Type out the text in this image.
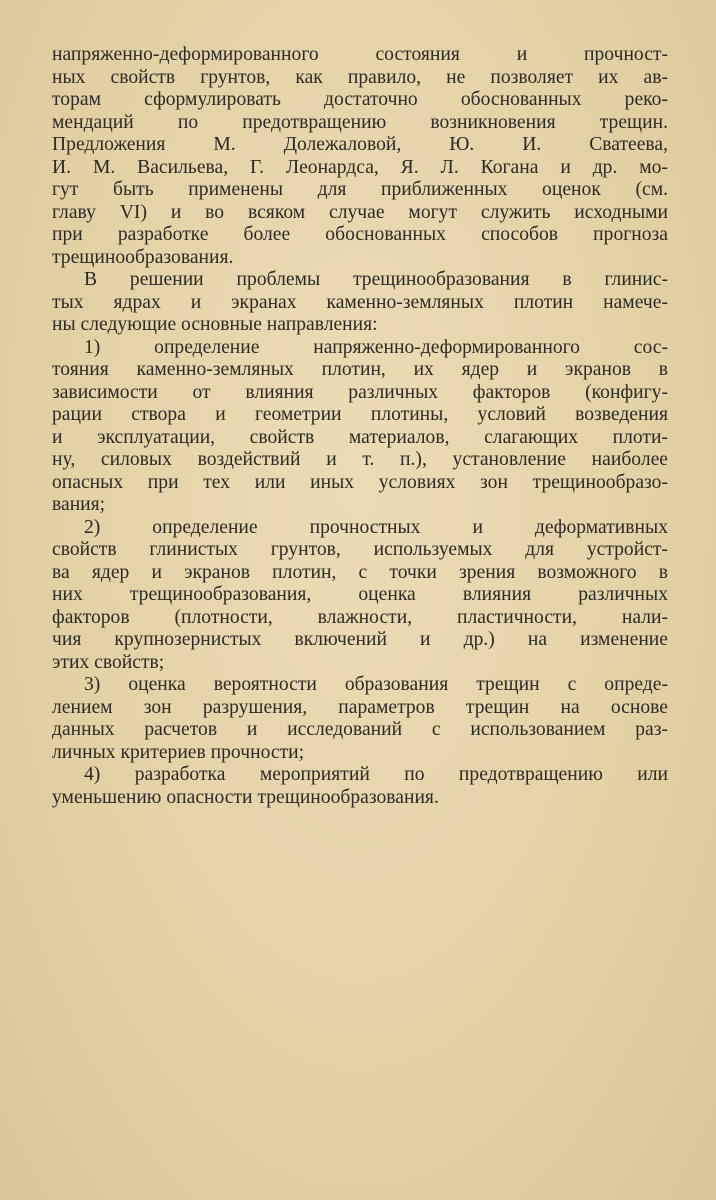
напряженно-деформированного состояния и прочност-
ных свойств грунтов, как правило, не позволяет их ав-
торам сформулировать достаточно обоснованных реко-
мендаций по предотвращению возникновения трещин.
Предложения М. Долежаловой, Ю. И. Сватеева,
И. М. Васильева, Г. Леонардса, Я. Л. Когана и др. мо-
гут быть применены для приближенных оценок (см.
главу VI) и во всяком случае могут служить исходными
при разработке более обоснованных способов прогноза
трещинообразования.
В решении проблемы трещинообразования в глинис-
тых ядрах и экранах каменно-земляных плотин намече-
ны следующие основные направления:
1) определение напряженно-деформированного сос-
тояния каменно-земляных плотин, их ядер и экранов в
зависимости от влияния различных факторов (конфигу-
рации створа и геометрии плотины, условий возведения
и эксплуатации, свойств материалов, слагающих плоти-
ну, силовых воздействий и т. п.), установление наиболее
опасных при тех или иных условиях зон трещинообразо-
вания;
2) определение прочностных и деформативных
свойств глинистых грунтов, используемых для устройст-
ва ядер и экранов плотин, с точки зрения возможного в
них трещинообразования, оценка влияния различных
факторов (плотности, влажности, пластичности, нали-
чия крупнозернистых включений и др.) на изменение
этих свойств;
3) оценка вероятности образования трещин с опреде-
лением зон разрушения, параметров трещин на основе
данных расчетов и исследований с использованием раз-
личных критериев прочности;
4) разработка мероприятий по предотвращению или
уменьшению опасности трещинообразования.
